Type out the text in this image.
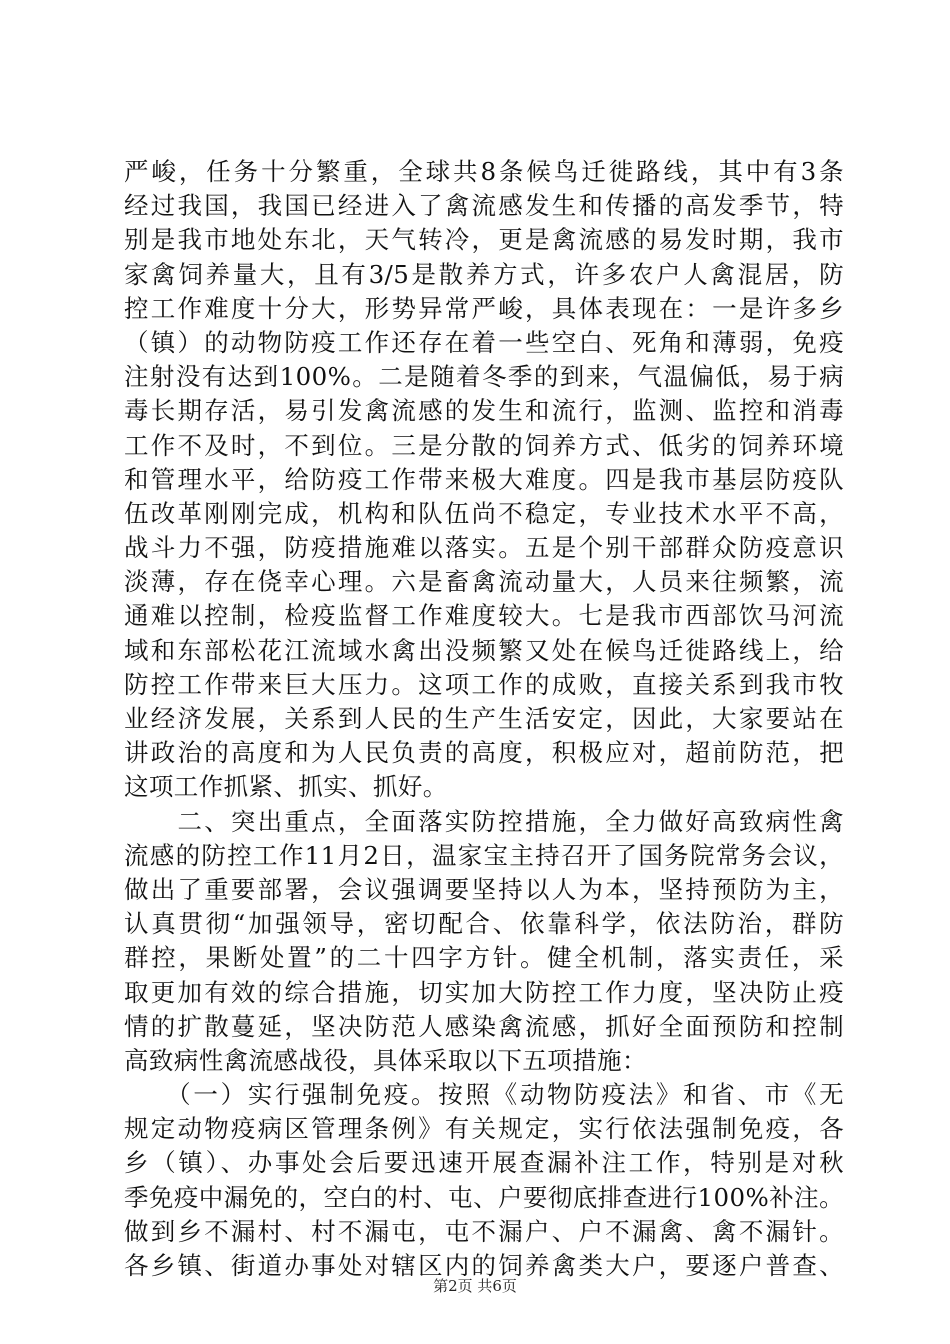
严峻，任务十分繁重，全球共8条候鸟迁徙路线，其中有3条
经过我国，我国已经进入了禽流感发生和传播的高发季节，特
别是我市地处东北，天气转冷，更是禽流感的易发时期，我市
家禽饲养量大，且有3/5是散养方式，许多农户人禽混居，防
控工作难度十分大，形势异常严峻，具体表现在：一是许多乡
（镇）的动物防疫工作还存在着一些空白、死角和薄弱，免疫
注射没有达到100%。二是随着冬季的到来，气温偏低，易于病
毒长期存活，易引发禽流感的发生和流行，监测、监控和消毒
工作不及时，不到位。三是分散的饲养方式、低劣的饲养环境
和管理水平，给防疫工作带来极大难度。四是我市基层防疫队
伍改革刚刚完成，机构和队伍尚不稳定，专业技术水平不高，
战斗力不强，防疫措施难以落实。五是个别干部群众防疫意识
淡薄，存在侥幸心理。六是畜禽流动量大，人员来往频繁，流
通难以控制，检疫监督工作难度较大。七是我市西部饮马河流
域和东部松花江流域水禽出没频繁又处在候鸟迁徙路线上，给
防控工作带来巨大压力。这项工作的成败，直接关系到我市牧
业经济发展，关系到人民的生产生活安定，因此，大家要站在
讲政治的高度和为人民负责的高度，积极应对，超前防范，把
这项工作抓紧、抓实、抓好。
　　二、突出重点，全面落实防控措施，全力做好高致病性禽
流感的防控工作11月2日，温家宝主持召开了国务院常务会议，
做出了重要部署，会议强调要坚持以人为本，坚持预防为主，
认真贯彻“加强领导，密切配合、依靠科学，依法防治，群防
群控，果断处置”的二十四字方针。健全机制，落实责任，采
取更加有效的综合措施，切实加大防控工作力度，坚决防止疫
情的扩散蔓延，坚决防范人感染禽流感，抓好全面预防和控制
高致病性禽流感战役，具体采取以下五项措施：
　　（一）实行强制免疫。按照《动物防疫法》和省、市《无
规定动物疫病区管理条例》有关规定，实行依法强制免疫，各
乡（镇）、办事处会后要迅速开展查漏补注工作，特别是对秋
季免疫中漏免的，空白的村、屯、户要彻底排查进行100%补注。
做到乡不漏村、村不漏屯，屯不漏户、户不漏禽、禽不漏针。
各乡镇、街道办事处对辖区内的饲养禽类大户，要逐户普查、
第2页 共6页
